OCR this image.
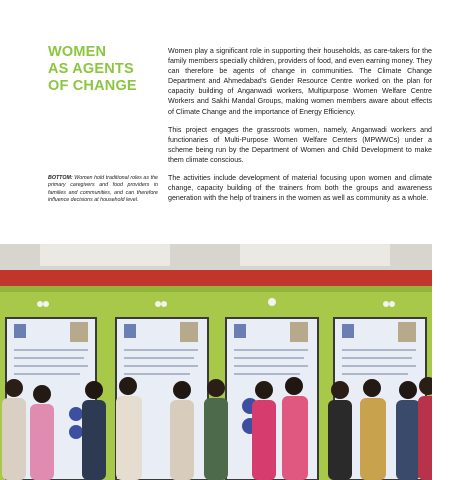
WOMEN
AS AGENTS
OF CHANGE
BOTTOM: Women hold traditional roles as the primary caregivers and food providers in families and communities, and can therefore influence decisions at household level.

Women play a significant role in supporting their households, as care-takers for the family members specially children, providers of food, and even earning money. They can therefore be agents of change in communities. The Climate Change Department and Ahmedabad's Gender Resource Centre worked on the plan for capacity building of Anganwadi workers, Multipurpose Women Welfare Centre Workers and Sakhi Mandal Groups, making women members aware about effects of Climate Change and the importance of Energy Efficiency.

This project engages the grassroots women, namely, Anganwadi workers and functionaries of Multi-Purpose Women Welfare Centers (MPWWCs) under a scheme being run by the Department of Women and Child Development to make them climate conscious.

The activities include development of material focusing upon women and climate change, capacity building of the trainers from both the groups and awareness generation with the help of trainers in the women as well as community as a whole.
